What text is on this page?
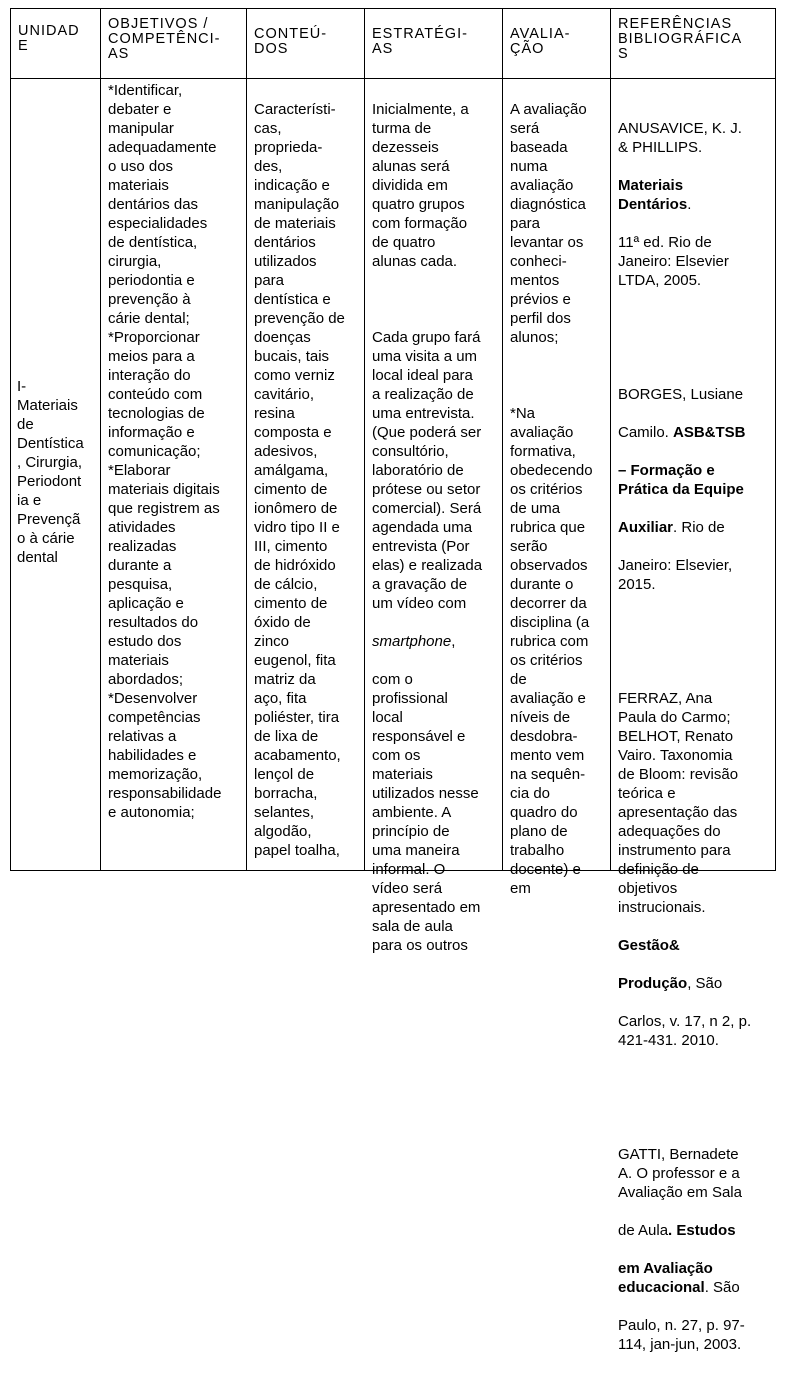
UNIDAD
E
OBJETIVOS /
COMPETÊNCI-
AS
CONTEÚ-
DOS
ESTRATÉGI-
AS
AVALIA-
ÇÃO
REFERÊNCIAS
BIBLIOGRÁFICA
S
I-
Materiais
de
Dentística
, Cirurgia,
Periodont
ia e
Prevençã
o à cárie
dental
*Identificar,
debater e
manipular
adequadamente
o uso dos
materiais
dentários das
especialidades
de dentística,
cirurgia,
periodontia e
prevenção à
cárie dental;
*Proporcionar
meios para a
interação do
conteúdo com
tecnologias de
informação e
comunicação;
*Elaborar
materiais digitais
que registrem as
atividades
realizadas
durante a
pesquisa,
aplicação e
resultados do
estudo dos
materiais
abordados;
*Desenvolver
competências
relativas a
habilidades e
memorização,
responsabilidade
e autonomia;
Característi-
cas,
proprieda-
des,
indicação e
manipulação
de materiais
dentários
utilizados
para
dentística e
prevenção de
doenças
bucais, tais
como verniz
cavitário,
resina
composta e
adesivos,
amálgama,
cimento de
ionômero de
vidro tipo II e
III, cimento
de hidróxido
de cálcio,
cimento de
óxido de
zinco
eugenol, fita
matriz da
aço, fita
poliéster, tira
de lixa de
acabamento,
lençol de
borracha,
selantes,
algodão,
papel toalha,

Inicialmente, a
turma de
dezesseis
alunas será
dividida em
quatro grupos
com formação
de quatro
alunas cada.

Cada grupo fará
uma visita a um
local ideal para
a realização de
uma entrevista.
(Que poderá ser
consultório,
laboratório de
prótese ou setor
comercial). Será
agendada uma
entrevista (Por
elas) e realizada
a gravação de
um vídeo com

smartphone,

com o
profissional
local
responsável e
com os
materiais
utilizados nesse
ambiente. A
princípio de
uma maneira
informal. O
vídeo será
apresentado em
sala de aula
para os outros

A avaliação
será
baseada
numa
avaliação
diagnóstica
para
levantar os
conheci-
mentos
prévios e
perfil dos
alunos;

*Na
avaliação
formativa,
obedecendo
os critérios
de uma
rubrica que
serão
observados
durante o
decorrer da
disciplina (a
rubrica com
os critérios
de
avaliação e
níveis de
desdobra-
mento vem
na sequên-
cia do
quadro do
plano de
trabalho
docente) e
em

ANUSAVICE, K. J.
& PHILLIPS.

Materiais
Dentários.

11ª ed. Rio de
Janeiro: Elsevier
LTDA, 2005.

BORGES, Lusiane

Camilo. ASB&TSB

– Formação e
Prática da Equipe

Auxiliar. Rio de

Janeiro: Elsevier,
2015.

FERRAZ, Ana
Paula do Carmo;
BELHOT, Renato
Vairo. Taxonomia
de Bloom: revisão
teórica e
apresentação das
adequações do
instrumento para
definição de
objetivos
instrucionais.

Gestão&

Produção, São

Carlos, v. 17, n 2, p.
421-431. 2010.

GATTI, Bernadete
A. O professor e a
Avaliação em Sala

de Aula. Estudos

em Avaliação
educacional. São

Paulo, n. 27, p. 97-
114, jan-jun, 2003.
